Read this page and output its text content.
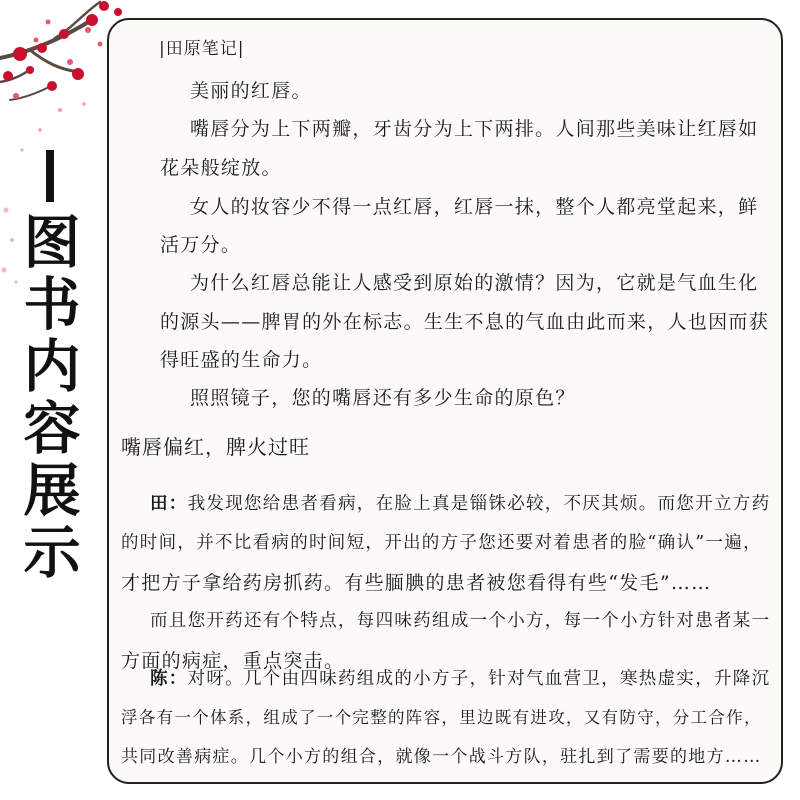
图
书
内
容
展
示
|田原笔记|

美丽的红唇。

嘴唇分为上下两瓣，牙齿分为上下两排。人间那些美味让红唇如

花朵般绽放。

女人的妆容少不得一点红唇，红唇一抹，整个人都亮堂起来，鲜

活万分。

为什么红唇总能让人感受到原始的激情？因为，它就是气血生化

的源头——脾胃的外在标志。生生不息的气血由此而来，人也因而获

得旺盛的生命力。

照照镜子，您的嘴唇还有多少生命的原色？

嘴唇偏红，脾火过旺

田：我发现您给患者看病，在脸上真是锱铢必较，不厌其烦。而您开立方药

的时间，并不比看病的时间短，开出的方子您还要对着患者的脸“确认”一遍，

才把方子拿给药房抓药。有些腼腆的患者被您看得有些“发毛”……

而且您开药还有个特点，每四味药组成一个小方，每一个小方针对患者某一

方面的病症，重点突击。

陈：对呀。几个由四味药组成的小方子，针对气血营卫，寒热虚实，升降沉

浮各有一个体系，组成了一个完整的阵容，里边既有进攻，又有防守，分工合作，

共同改善病症。几个小方的组合，就像一个战斗方队，驻扎到了需要的地方……
